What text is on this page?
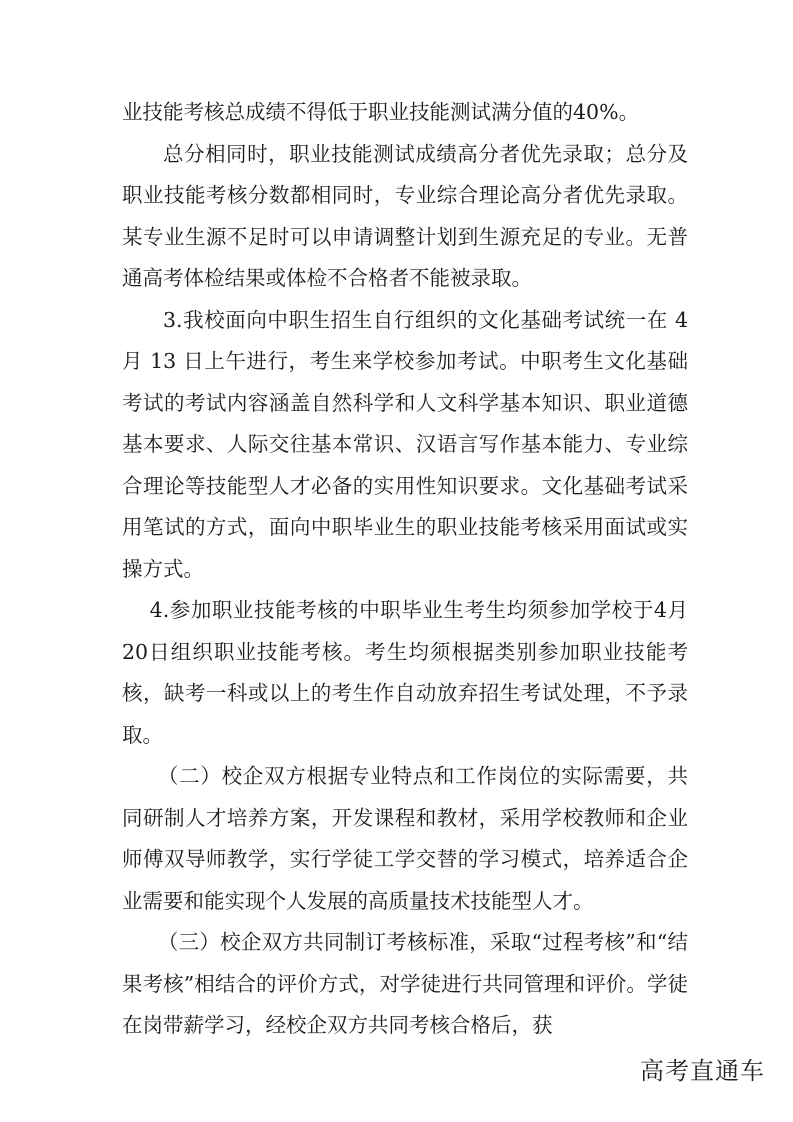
业技能考核总成绩不得低于职业技能测试满分值的40%。

总分相同时，职业技能测试成绩高分者优先录取；总分及职业技能考核分数都相同时，专业综合理论高分者优先录取。某专业生源不足时可以申请调整计划到生源充足的专业。无普通高考体检结果或体检不合格者不能被录取。

3.我校面向中职生招生自行组织的文化基础考试统一在 4 月 13 日上午进行，考生来学校参加考试。中职考生文化基础考试的考试内容涵盖自然科学和人文科学基本知识、职业道德基本要求、人际交往基本常识、汉语言写作基本能力、专业综合理论等技能型人才必备的实用性知识要求。文化基础考试采用笔试的方式，面向中职毕业生的职业技能考核采用面试或实操方式。

4.参加职业技能考核的中职毕业生考生均须参加学校于4月20日组织职业技能考核。考生均须根据类别参加职业技能考核，缺考一科或以上的考生作自动放弃招生考试处理，不予录取。

（二）校企双方根据专业特点和工作岗位的实际需要，共同研制人才培养方案，开发课程和教材，采用学校教师和企业师傅双导师教学，实行学徒工学交替的学习模式，培养适合企业需要和能实现个人发展的高质量技术技能型人才。

（三）校企双方共同制订考核标准，采取“过程考核”和“结果考核”相结合的评价方式，对学徒进行共同管理和评价。学徒在岗带薪学习，经校企双方共同考核合格后，获

高考直通车
